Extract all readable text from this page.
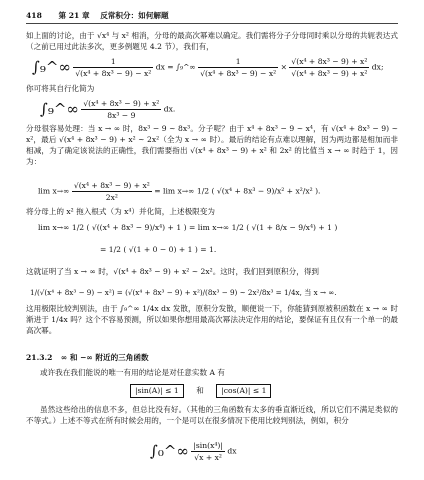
418 第 21 章 反常积分：如何解题
如上面的讨论，由于 √x⁴ 与 x² 相消，分母的最高次幂难以确定。我们需将分子分母同时乘以分母的共轭表达式（之前已用过此法多次，更多例题见 4.2 节），我们有，
∫₉^∞ $\frac{1}{\text{√(x⁴ + 8x³ − 9) − x²}}$ dx = ∫₉^∞ $\frac{1}{\text{√(x⁴ + 8x³ − 9) − x²}} \times \frac{\text{√(x⁴ + 8x³ − 9) + x²}}{\text{√(x⁴ + 8x³ − 9) + x²}}$ dx;
你可将其自行化简为
∫₉^∞ $\frac{\text{√(x⁴ + 8x³ − 9) + x²}}{\text{8x³ − 9}}$ dx.
分母很容易处理：当 x → ∞ 时，8x³ − 9 ~ 8x³。分子呢？由于 x⁴ + 8x³ − 9 ~ x⁴，有 √(x⁴ + 8x³ − 9) ~ x²，最后 √(x⁴ + 8x³ − 9) + x² ~ 2x²（全为 x → ∞ 时）。最后的结论有点难以理解，因为两边都是相加而非相减，为了确定该说法的正确性，我们需要指出 √(x⁴ + 8x³ − 9) + x² 和 2x² 的比值当 x → ∞ 时趋于 1，因为：
$\lim x\to\infty \frac{\text{√(x⁴ + 8x³ − 9) + x²}}{\text{2x²}} = \lim x\to\infty$ 1/2 ( √(x⁴ + 8x³ − 9)/x² + x²/x² ).
将分母上的 x² 拖入根式（为 x⁴）并化简，上述极限变为
lim x→∞ 1/2 ( √((x⁴ + 8x³ − 9)/x⁴) + 1 ) = lim x→∞ 1/2 ( √(1 + 8/x − 9/x⁴) + 1 )
= 1/2 ( √(1 + 0 − 0) + 1 ) = 1.
这就证明了当 x → ∞ 时，√(x⁴ + 8x³ − 9) + x² ~ 2x²。这时，我们回到原积分，得到
1/(√(x⁴ + 8x³ − 9) − x²) = (√(x⁴ + 8x³ − 9) + x²)/(8x³ − 9) ~ 2x²/8x³ = 1/4x, 当 x → ∞.
这用极限比较判别法，由于 ∫₉^∞ 1/4x dx 发散，原积分发散，顺便说一下，你能猜到原被积函数在 x → ∞ 时渐进于 1/4x 吗？这个不容易预测，所以如果你想用最高次幂法决定作用的结论，要保证有且仅有一个单一的最高次幂。
21.3.2 ∞ 和 −∞ 附近的三角函数
或许我在我们能说的唯一有用的结论是对任意实数 A 有
|sin(A)| ≤ 1 和 |cos(A)| ≤ 1
虽然这些给出的信息不多，但总比没有好。（其他的三角函数有太多的垂直渐近线，所以它们不满足类似的不等式。）上述不等式在所有时候会用的，一个是可以在很多情况下使用比较判别法，例如，积分
∫₀^∞ $\frac{\text{|sin(x⁴)|}}{\text{√x + x²}}$ dx
